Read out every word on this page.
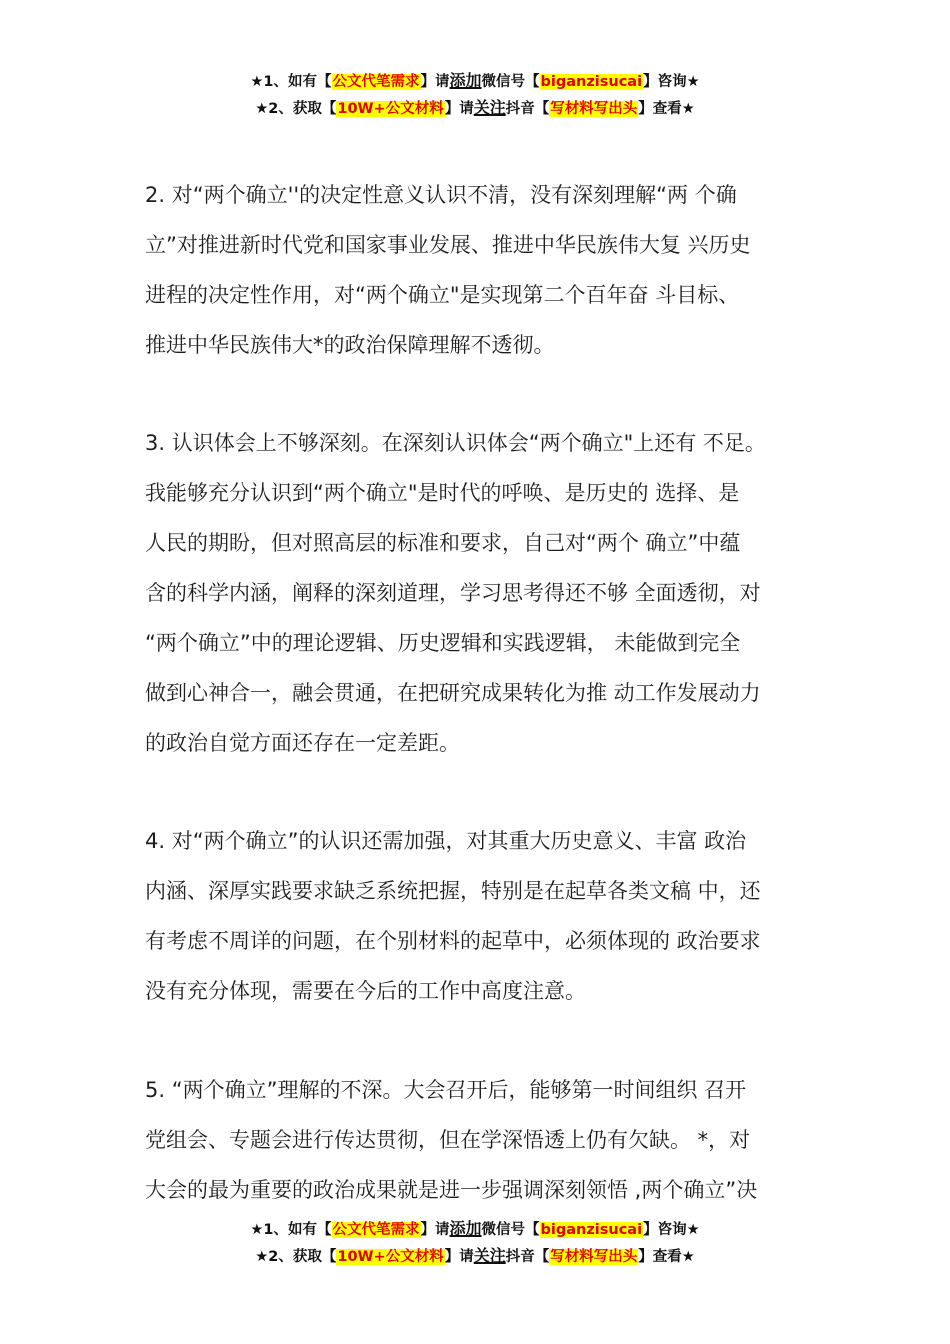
★1、如有【公文代笔需求】请添加微信号【biganzisucai】咨询★
★2、获取【10W+公文材料】请关注抖音【写材料写出头】查看★
2. 对“两个确立''的决定性意义认识不清，没有深刻理解“两 个确
立”对推进新时代党和国家事业发展、推进中华民族伟大复 兴历史
进程的决定性作用，对“两个确立"是实现第二个百年奋 斗目标、
推进中华民族伟大*的政治保障理解不透彻。
3. 认识体会上不够深刻。在深刻认识体会“两个确立"上还有 不足。
我能够充分认识到“两个确立"是时代的呼唤、是历史的 选择、是
人民的期盼，但对照高层的标准和要求，自己对“两个 确立”中蕴
含的科学内涵，阐释的深刻道理，学习思考得还不够 全面透彻，对
“两个确立”中的理论逻辑、历史逻辑和实践逻辑， 未能做到完全
做到心神合一，融会贯通，在把研究成果转化为推 动工作发展动力
的政治自觉方面还存在一定差距。
4. 对“两个确立”的认识还需加强，对其重大历史意义、丰富 政治
内涵、深厚实践要求缺乏系统把握，特别是在起草各类文稿 中，还
有考虑不周详的问题，在个别材料的起草中，必须体现的 政治要求
没有充分体现，需要在今后的工作中高度注意。
5. “两个确立”理解的不深。大会召开后，能够第一时间组织 召开
党组会、专题会进行传达贯彻，但在学深悟透上仍有欠缺。 *，对
大会的最为重要的政治成果就是进一步强调深刻领悟 ,两个确立”决
★1、如有【公文代笔需求】请添加微信号【biganzisucai】咨询★
★2、获取【10W+公文材料】请关注抖音【写材料写出头】查看★
